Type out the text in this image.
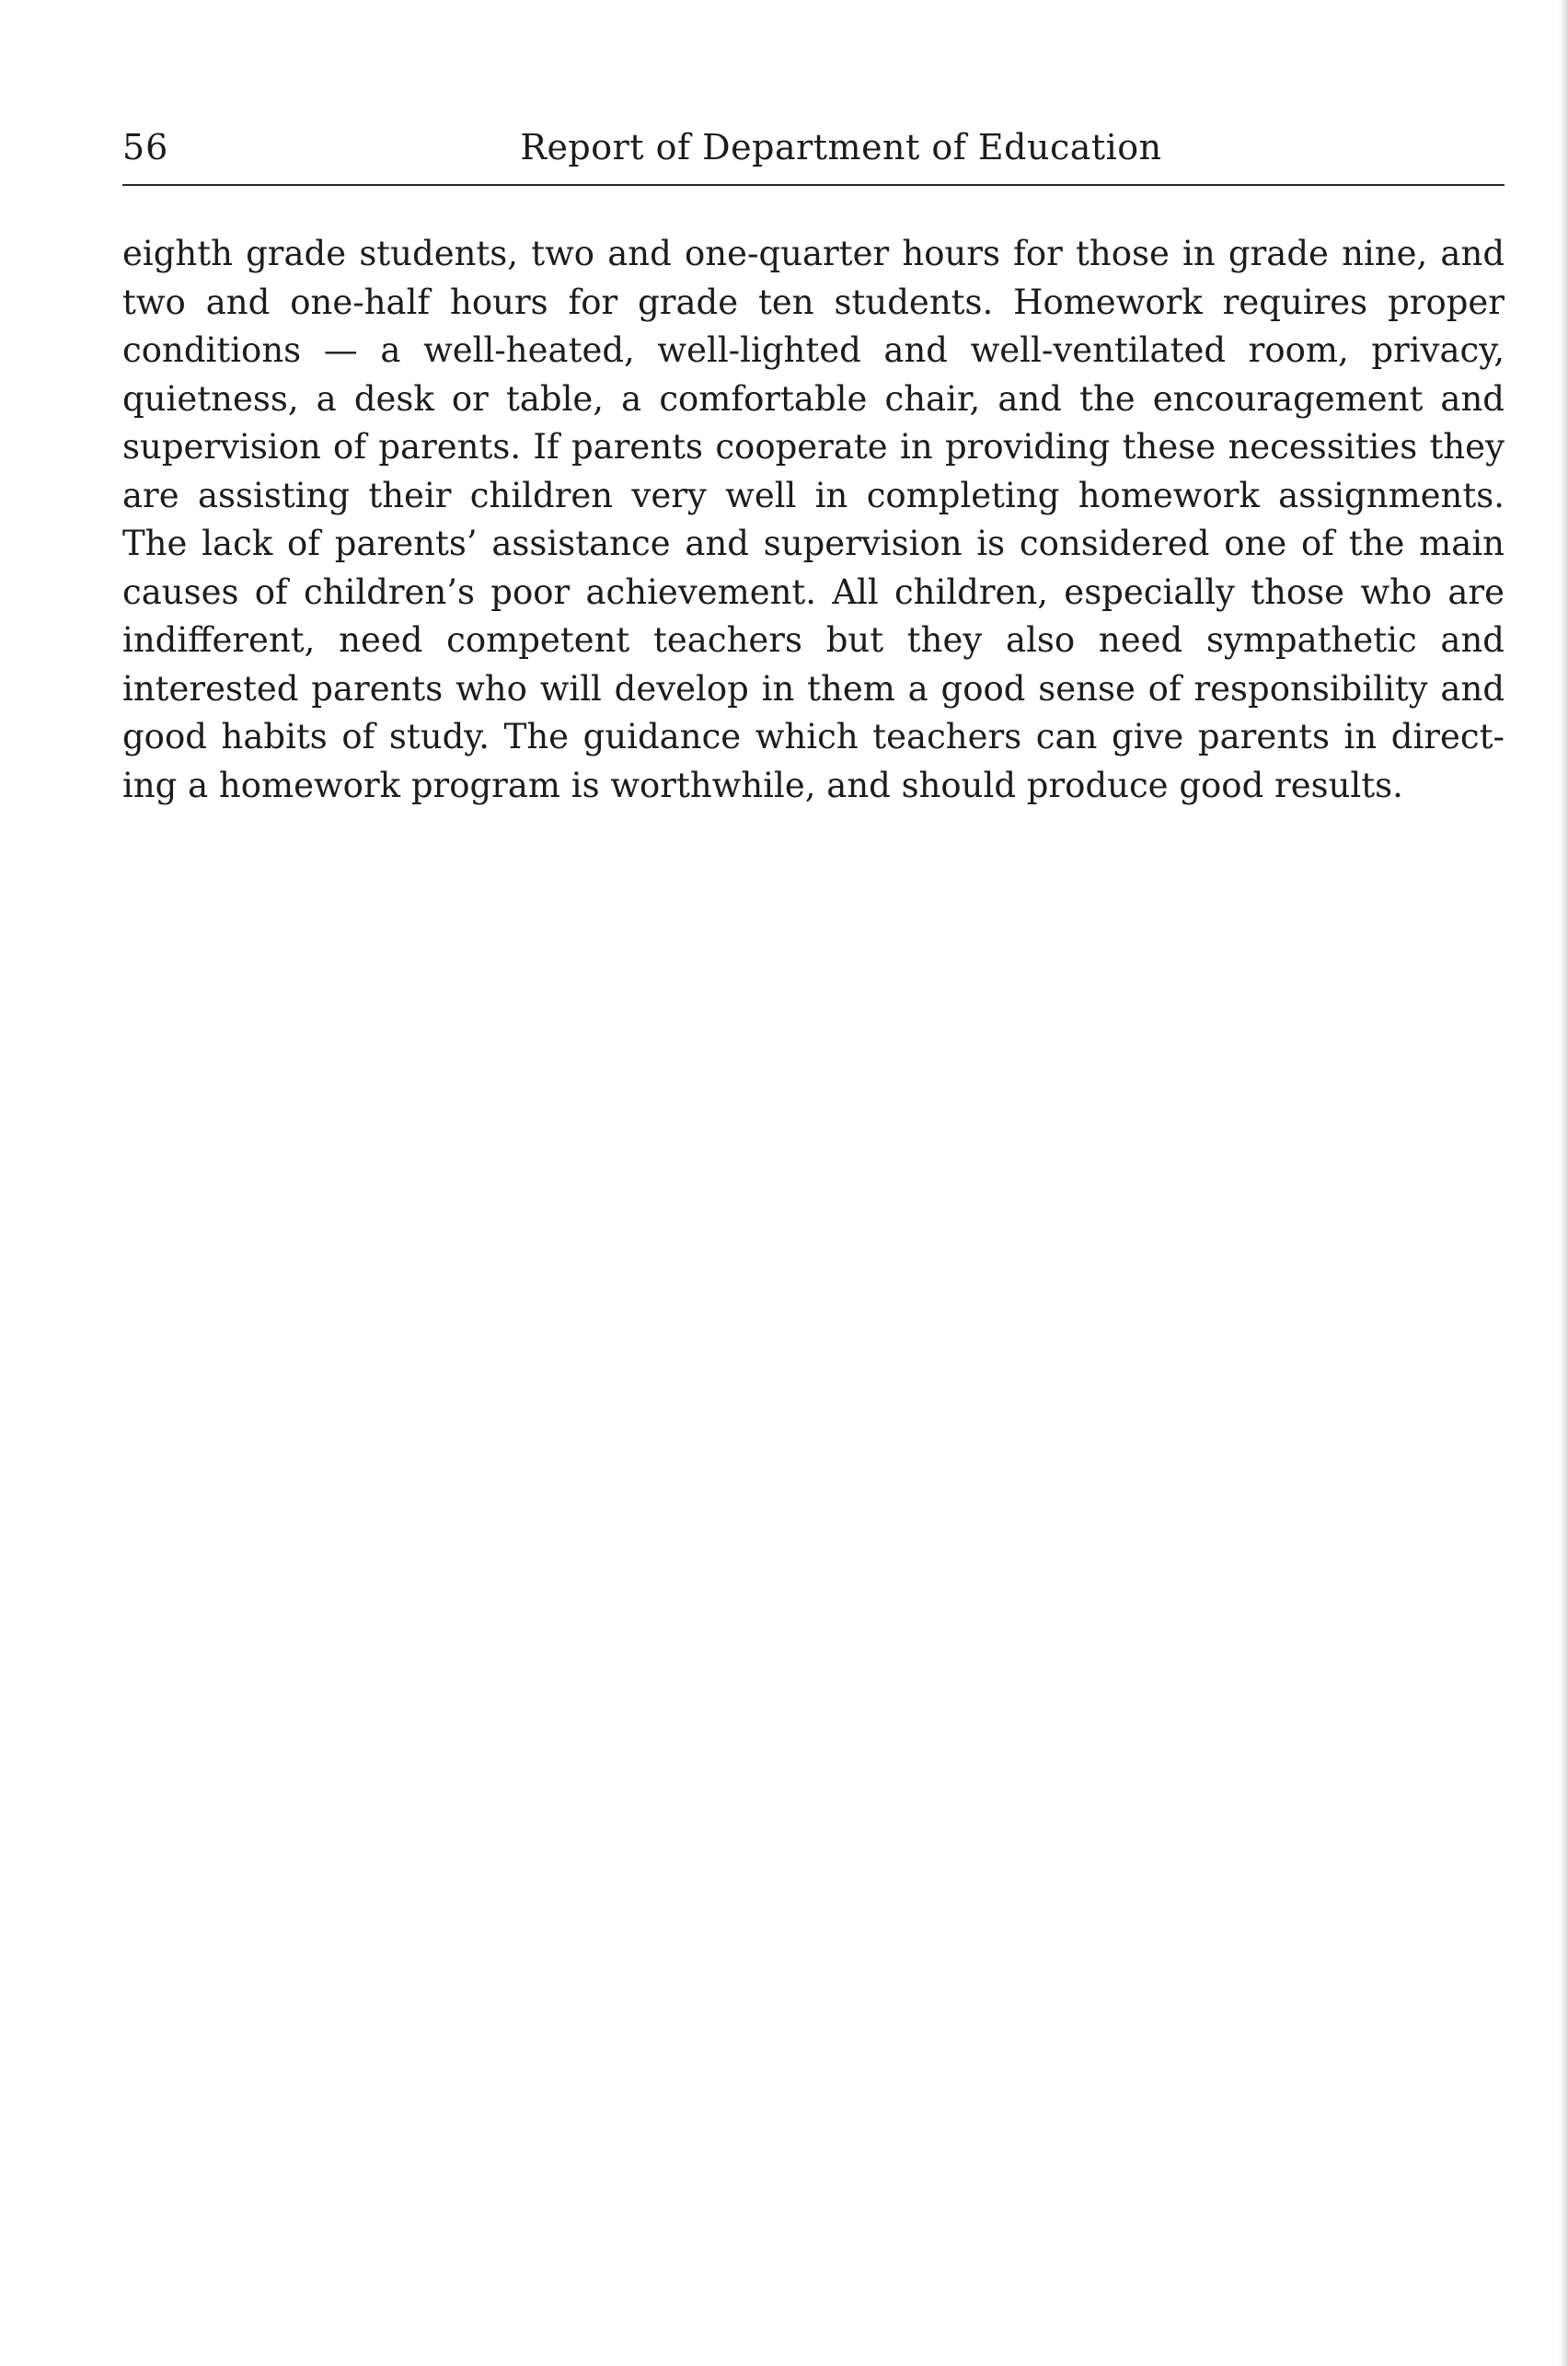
56	Report of Department of Education

eighth grade students, two and one-quarter hours for those in grade nine, and two and one-half hours for grade ten students. Homework requires proper conditions — a well-heated, well-lighted and well-ventilated room, privacy, quietness, a desk or table, a comfortable chair, and the encouragement and supervision of parents. If parents cooperate in providing these necessities they are assisting their children very well in completing homework assignments. The lack of parents’ assistance and supervision is considered one of the main causes of children’s poor achievement. All children, especially those who are indifferent, need competent teachers but they also need sympathetic and interested parents who will develop in them a good sense of responsibility and good habits of study. The guidance which teachers can give parents in directing a homework program is worthwhile, and should produce good results.
